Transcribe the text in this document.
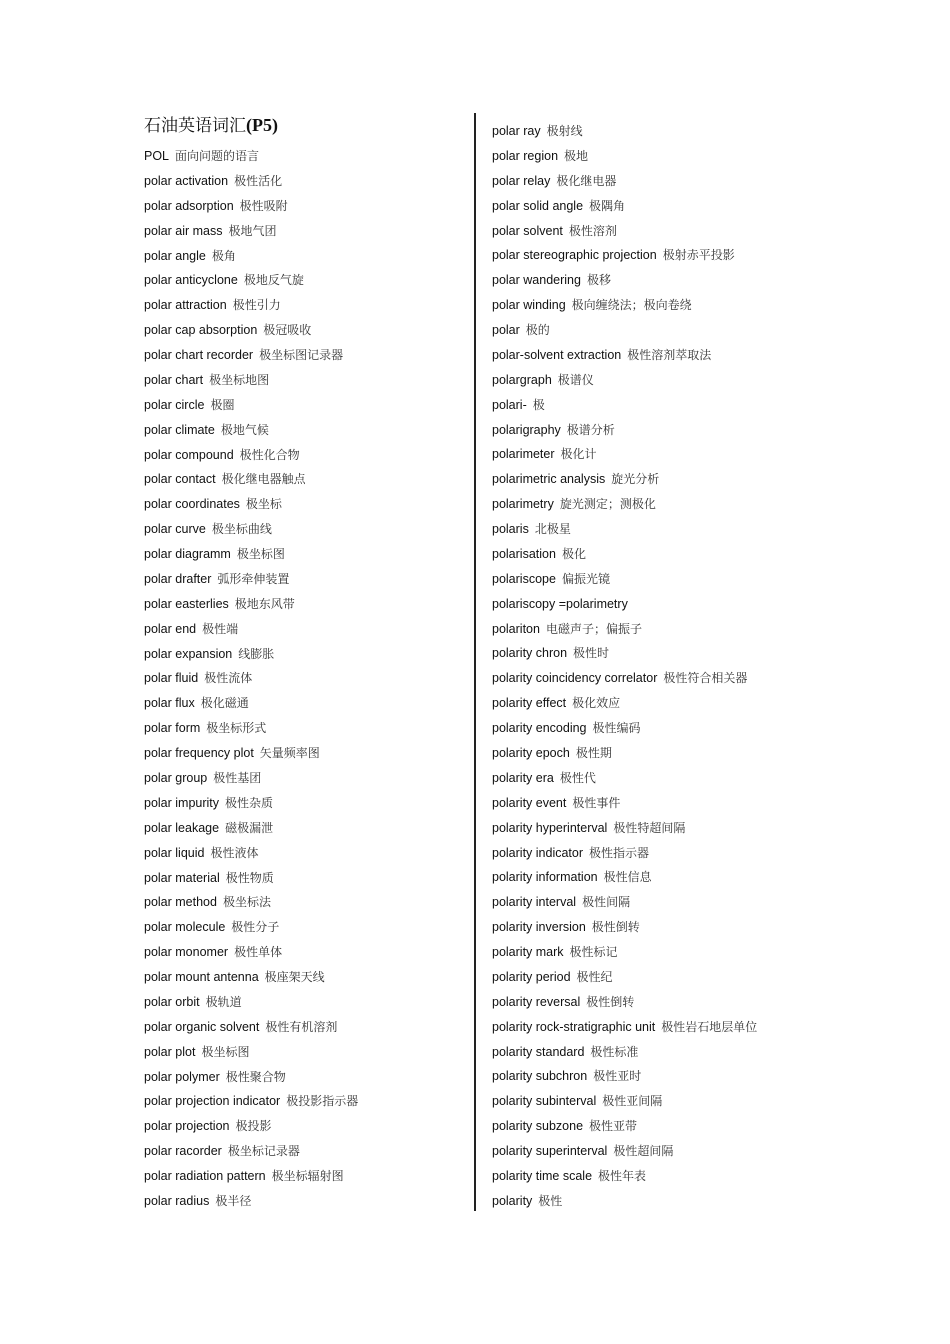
石油英语词汇(P5)
POL 面向问题的语言
polar activation 极性活化
polar adsorption 极性吸附
polar air mass 极地气团
polar angle 极角
polar anticyclone 极地反气旋
polar attraction 极性引力
polar cap absorption 极冠吸收
polar chart recorder 极坐标图记录器
polar chart 极坐标地图
polar circle 极圈
polar climate 极地气候
polar compound 极性化合物
polar contact 极化继电器触点
polar coordinates 极坐标
polar curve 极坐标曲线
polar diagramm 极坐标图
polar drafter 弧形牵伸装置
polar easterlies 极地东风带
polar end 极性端
polar expansion 线膨胀
polar fluid 极性流体
polar flux 极化磁通
polar form 极坐标形式
polar frequency plot 矢量频率图
polar group 极性基团
polar impurity 极性杂质
polar leakage 磁极漏泄
polar liquid 极性液体
polar material 极性物质
polar method 极坐标法
polar molecule 极性分子
polar monomer 极性单体
polar mount antenna 极座架天线
polar orbit 极轨道
polar organic solvent 极性有机溶剂
polar plot 极坐标图
polar polymer 极性聚合物
polar projection indicator 极投影指示器
polar projection 极投影
polar racorder 极坐标记录器
polar radiation pattern 极坐标辐射图
polar radius 极半径
polar ray 极射线
polar region 极地
polar relay 极化继电器
polar solid angle 极隅角
polar solvent 极性溶剂
polar stereographic projection 极射赤平投影
polar wandering 极移
polar winding 极向缠绕法；极向卷绕
polar 极的
polar-solvent extraction 极性溶剂萃取法
polargraph 极谱仪
polari- 极
polarigraphy 极谱分析
polarimeter 极化计
polarimetric analysis 旋光分析
polarimetry 旋光测定；测极化
polaris 北极星
polarisation 极化
polariscope 偏振光镜
polariscopy =polarimetry
polariton 电磁声子；偏振子
polarity chron 极性时
polarity coincidency correlator 极性符合相关器
polarity effect 极化效应
polarity encoding 极性编码
polarity epoch 极性期
polarity era 极性代
polarity event 极性事件
polarity hyperinterval 极性特超间隔
polarity indicator 极性指示器
polarity information 极性信息
polarity interval 极性间隔
polarity inversion 极性倒转
polarity mark 极性标记
polarity period 极性纪
polarity reversal 极性倒转
polarity rock-stratigraphic unit 极性岩石地层单位
polarity standard 极性标准
polarity subchron 极性亚时
polarity subinterval 极性亚间隔
polarity subzone 极性亚带
polarity superinterval 极性超间隔
polarity time scale 极性年表
polarity 极性
